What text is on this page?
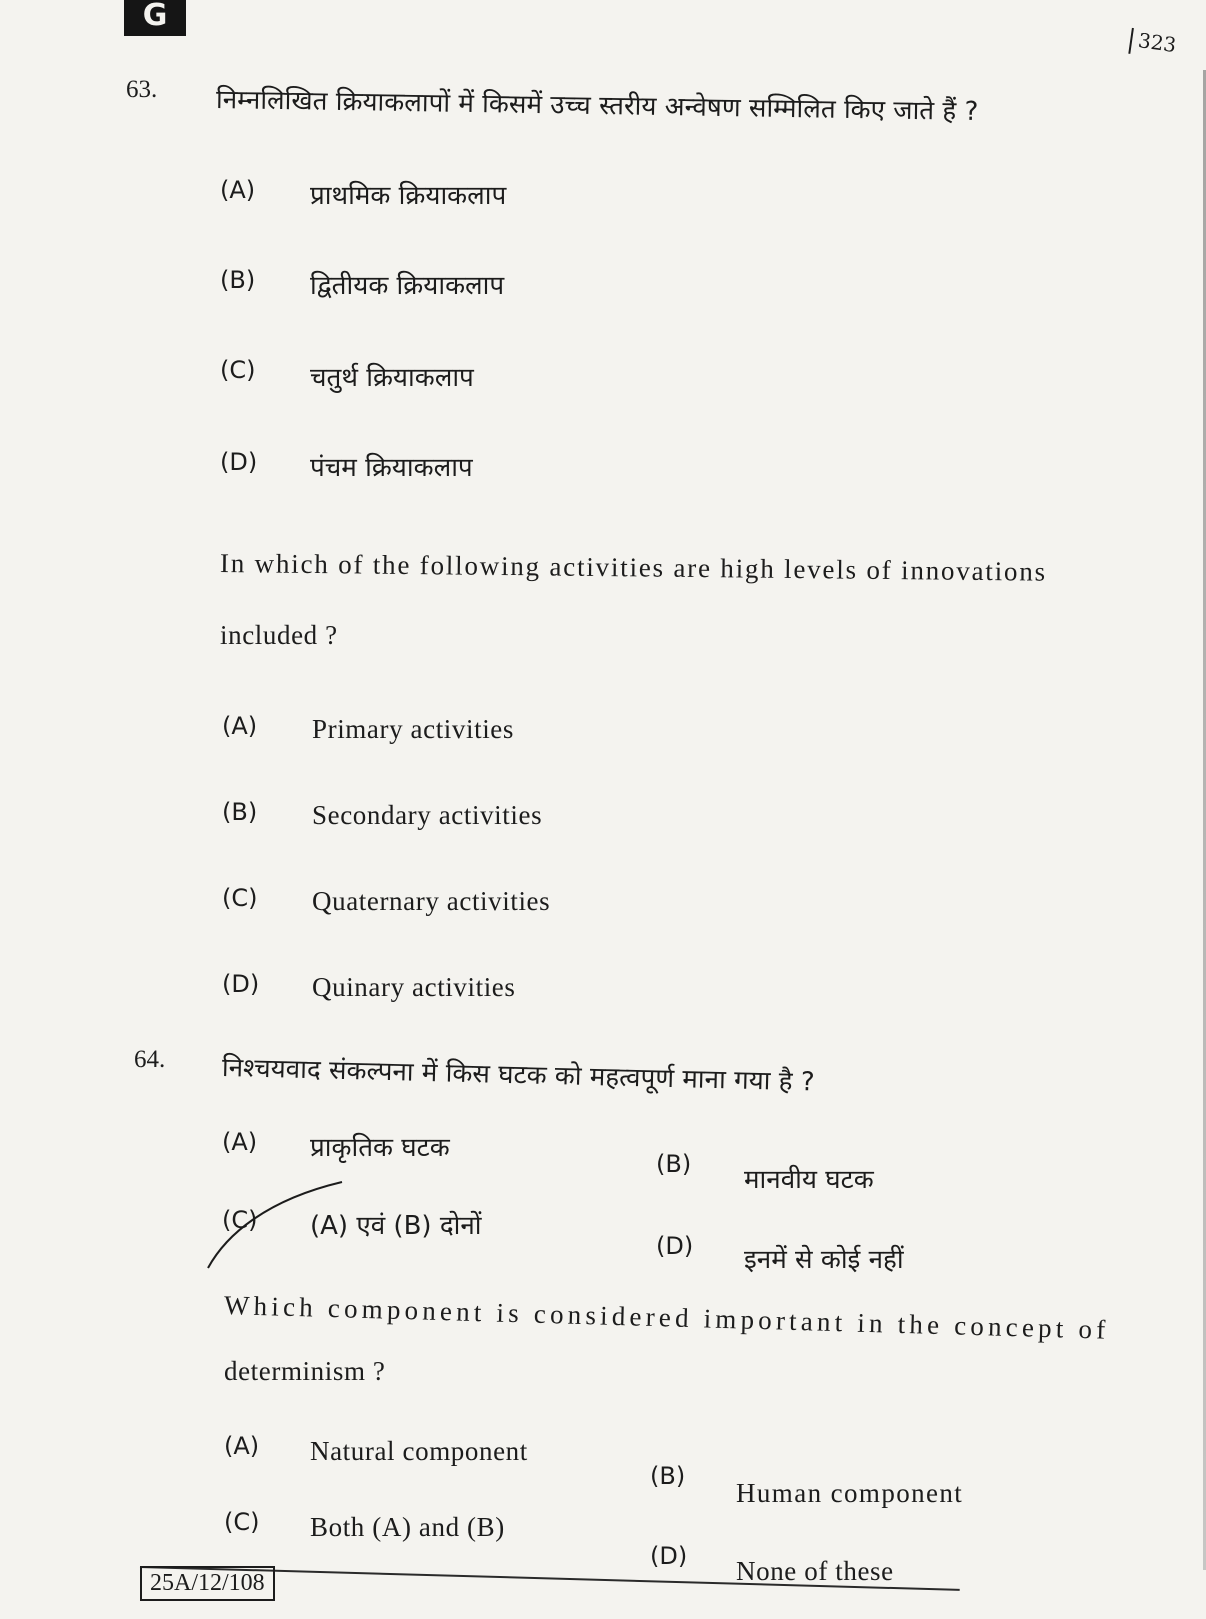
G
323
63. निम्नलिखित क्रियाकलापों में किसमें उच्च स्तरीय अन्वेषण सम्मिलित किए जाते हैं ?
(A) प्राथमिक क्रियाकलाप
(B) द्वितीयक क्रियाकलाप
(C) चतुर्थ क्रियाकलाप
(D) पंचम क्रियाकलाप
In which of the following activities are high levels of innovations
included ?
(A) Primary activities
(B) Secondary activities
(C) Quaternary activities
(D) Quinary activities
64. निश्चयवाद संकल्पना में किस घटक को महत्वपूर्ण माना गया है ?
(A) प्राकृतिक घटक
(B)
मानवीय घटक
(C) (A) एवं (B) दोनों
(D) इनमें से कोई नहीं
Which component is considered important in the concept of
determinism ?
(A) Natural component
(B)
Human component
(C) Both (A) and (B)
(D) None of these
25A/12/108
